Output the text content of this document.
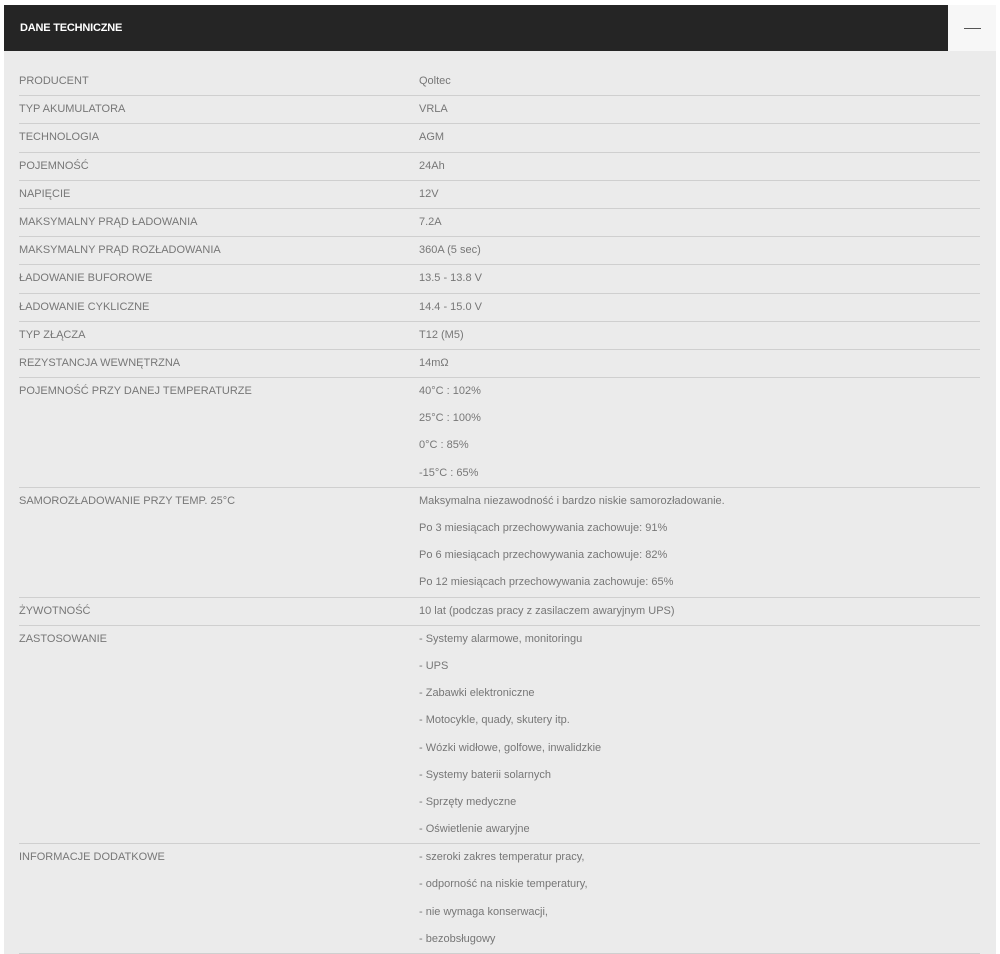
DANE TECHNICZNE
PRODUCENT	Qoltec
TYP AKUMULATORA	VRLA
TECHNOLOGIA	AGM
POJEMNOŚĆ	24Ah
NAPIĘCIE	12V
MAKSYMALNY PRĄD ŁADOWANIA	7.2A
MAKSYMALNY PRĄD ROZŁADOWANIA	360A (5 sec)
ŁADOWANIE BUFOROWE	13.5 - 13.8 V
ŁADOWANIE CYKLICZNE	14.4 - 15.0 V
TYP ZŁĄCZA	T12 (M5)
REZYSTANCJA WEWNĘTRZNA	14mΩ
POJEMNOŚĆ PRZY DANEJ TEMPERATURZE	40°C : 102%
25°C : 100%
0°C : 85%
-15°C : 65%
SAMOROZŁADOWANIE PRZY TEMP. 25°C	Maksymalna niezawodność i bardzo niskie samorozładowanie.
Po 3 miesiącach przechowywania zachowuje: 91%
Po 6 miesiącach przechowywania zachowuje: 82%
Po 12 miesiącach przechowywania zachowuje: 65%
ŻYWOTNOŚĆ	10 lat (podczas pracy z zasilaczem awaryjnym UPS)
ZASTOSOWANIE	- Systemy alarmowe, monitoringu
- UPS
- Zabawki elektroniczne
- Motocykle, quady, skutery itp.
- Wózki widłowe, golfowe, inwalidzkie
- Systemy baterii solarnych
- Sprzęty medyczne
- Oświetlenie awaryjne
INFORMACJE DODATKOWE	- szeroki zakres temperatur pracy,
- odporność na niskie temperatury,
- nie wymaga konserwacji,
- bezobsługowy
